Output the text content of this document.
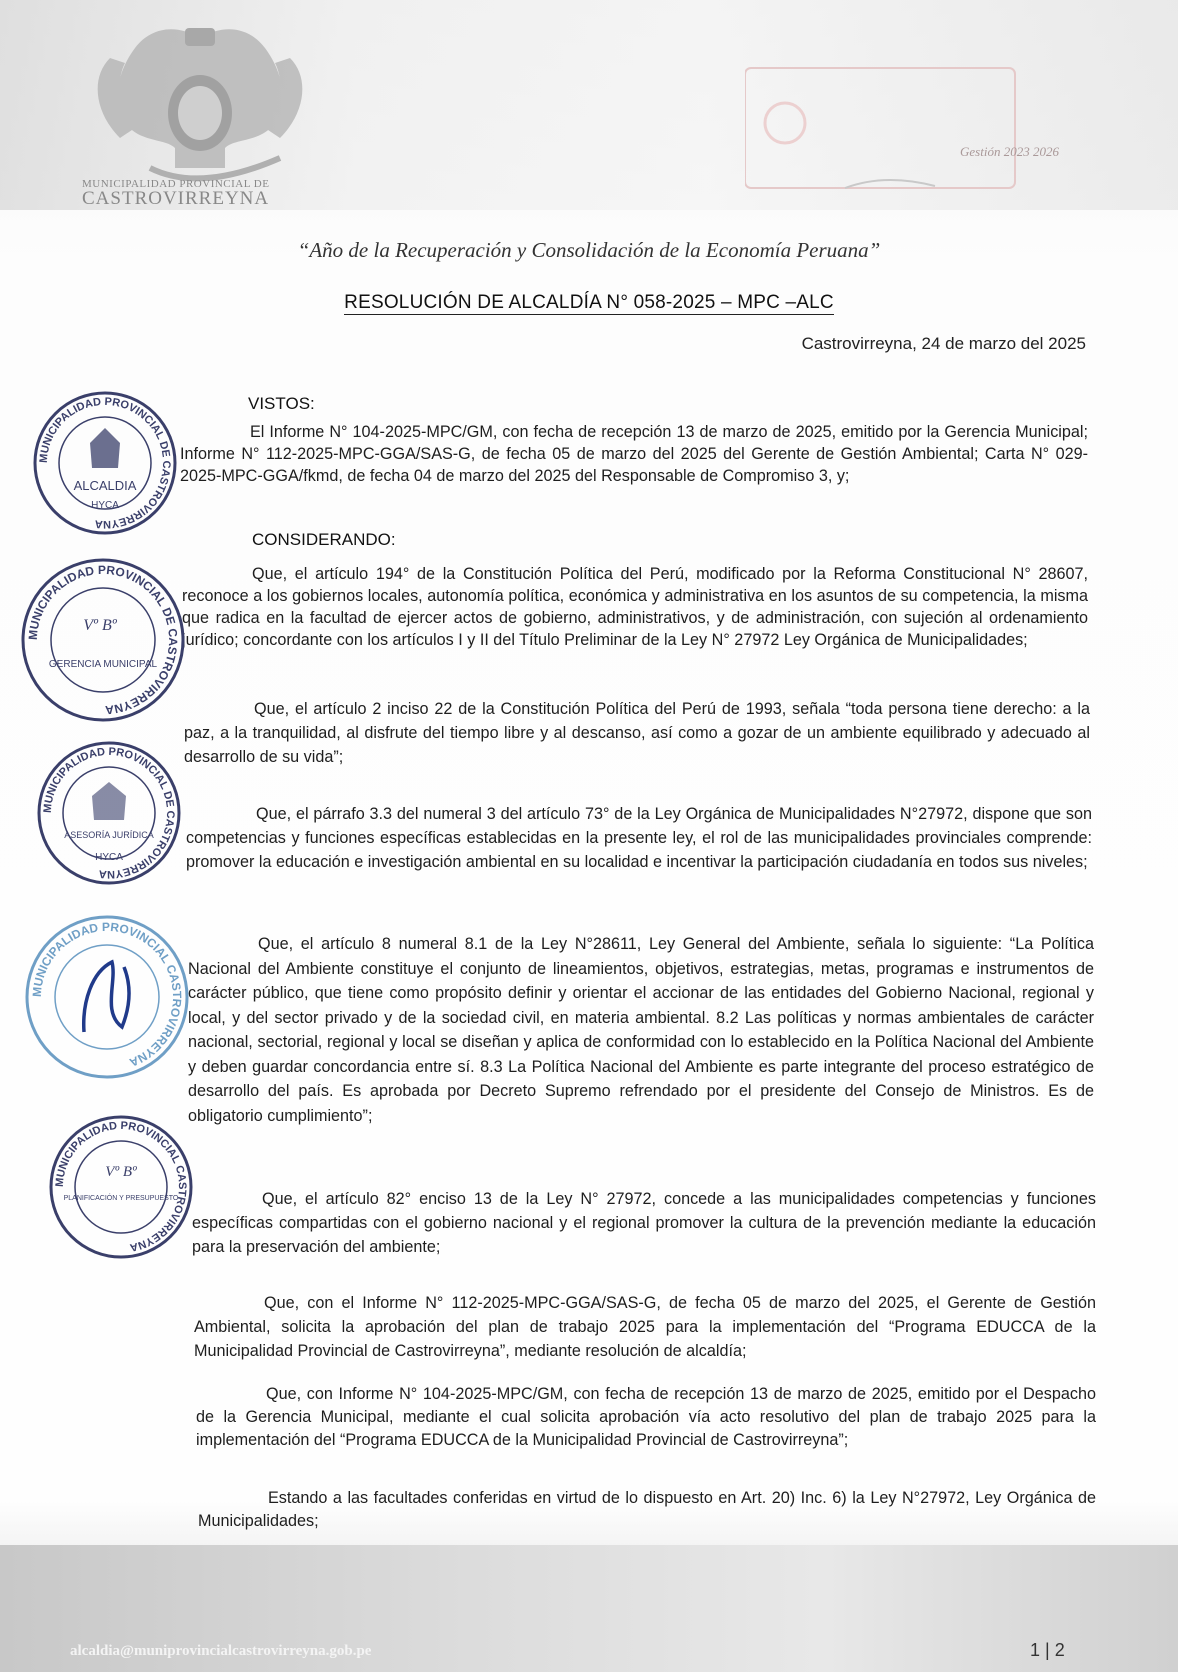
MUNICIPALIDAD PROVINCIAL DE
CASTROVIRREYNA
Gestión 2023 2026
“Año de la Recuperación y Consolidación de la Economía Peruana”
RESOLUCIÓN DE ALCALDÍA N° 058-2025 – MPC –ALC
Castrovirreyna, 24 de marzo del 2025
VISTOS:
El Informe N° 104-2025-MPC/GM, con fecha de recepción 13 de marzo de 2025, emitido por la Gerencia Municipal; Informe N° 112-2025-MPC-GGA/SAS-G, de fecha 05 de marzo del 2025 del Gerente de Gestión Ambiental; Carta N° 029-2025-MPC-GGA/fkmd, de fecha 04 de marzo del 2025 del Responsable de Compromiso 3, y;
CONSIDERANDO:
Que, el artículo 194° de la Constitución Política del Perú, modificado por la Reforma Constitucional N° 28607, reconoce a los gobiernos locales, autonomía política, económica y administrativa en los asuntos de su competencia, la misma que radica en la facultad de ejercer actos de gobierno, administrativos, y de administración, con sujeción al ordenamiento jurídico; concordante con los artículos I y II del Título Preliminar de la Ley N° 27972 Ley Orgánica de Municipalidades;
Que, el artículo 2 inciso 22 de la Constitución Política del Perú de 1993, señala “toda persona tiene derecho: a la paz, a la tranquilidad, al disfrute del tiempo libre y al descanso, así como a gozar de un ambiente equilibrado y adecuado al desarrollo de su vida”;
Que, el párrafo 3.3 del numeral 3 del artículo 73° de la Ley Orgánica de Municipalidades N°27972, dispone que son competencias y funciones específicas establecidas en la presente ley, el rol de las municipalidades provinciales comprende: promover la educación e investigación ambiental en su localidad e incentivar la participación ciudadanía en todos sus niveles;
Que, el artículo 8 numeral 8.1 de la Ley N°28611, Ley General del Ambiente, señala lo siguiente: “La Política Nacional del Ambiente constituye el conjunto de lineamientos, objetivos, estrategias, metas, programas e instrumentos de carácter público, que tiene como propósito definir y orientar el accionar de las entidades del Gobierno Nacional, regional y local, y del sector privado y de la sociedad civil, en materia ambiental. 8.2 Las políticas y normas ambientales de carácter nacional, sectorial, regional y local se diseñan y aplica de conformidad con lo establecido en la Política Nacional del Ambiente y deben guardar concordancia entre sí. 8.3 La Política Nacional del Ambiente es parte integrante del proceso estratégico de desarrollo del país. Es aprobada por Decreto Supremo refrendado por el presidente del Consejo de Ministros. Es de obligatorio cumplimiento”;
Que, el artículo 82° enciso 13 de la Ley N° 27972, concede a las municipalidades competencias y funciones específicas compartidas con el gobierno nacional y el regional promover la cultura de la prevención mediante la educación para la preservación del ambiente;
Que, con el Informe N° 112-2025-MPC-GGA/SAS-G, de fecha 05 de marzo del 2025, el Gerente de Gestión Ambiental, solicita la aprobación del plan de trabajo 2025 para la implementación del “Programa EDUCCA de la Municipalidad Provincial de Castrovirreyna”, mediante resolución de alcaldía;
Que, con Informe N° 104-2025-MPC/GM, con fecha de recepción 13 de marzo de 2025, emitido por el Despacho de la Gerencia Municipal, mediante el cual solicita aprobación vía acto resolutivo del plan de trabajo 2025 para la implementación del “Programa EDUCCA de la Municipalidad Provincial de Castrovirreyna”;
Estando a las facultades conferidas en virtud de lo dispuesto en Art. 20) Inc. 6) la Ley N°27972, Ley Orgánica de Municipalidades;
MUNICIPALIDAD PROVINCIAL DE CASTROVIRREYNA
ALCALDIA
HYCA
MUNICIPALIDAD PROVINCIAL DE CASTROVIRREYNA
Vº Bº
GERENCIA MUNICIPAL
MUNICIPALIDAD PROVINCIAL DE CASTROVIRREYNA
ASESORÍA JURÍDICA
HYCA
MUNICIPALIDAD PROVINCIAL CASTROVIRREYNA
MUNICIPALIDAD PROVINCIAL CASTROVIRREYNA
Vº Bº
PLANIFICACIÓN Y PRESUPUESTO
alcaldia@muniprovincialcastrovirreyna.gob.pe	1 | 2
